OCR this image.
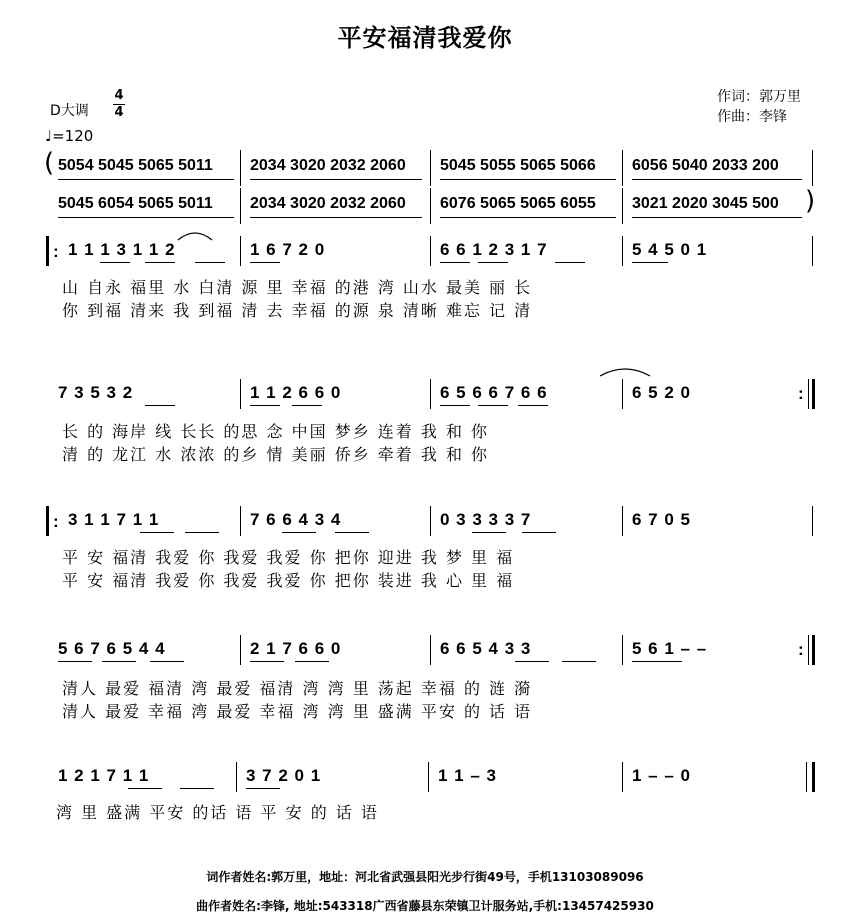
平安福清我爱你
D大调
4
4
♩=120
作词：郭万里
作曲：李锋
( 5054 5045 5065 5011 2034 3020 2032 2060 5045 5055 5065 5066 6056 5040 2033 200
5045 6054 5065 5011 2034 3020 2032 2060 6076 5065 5065 6055 3021 2020 3045 500 )
: 1 1 1 3 1 1 2	1 6 7 2 0	6 6 1 2 3 1 7	5 4 5 0 1
山 自永 福里 水 白清 源 里 幸福 的港 湾 山水 最美 丽 长
你 到福 清来 我 到福 清 去 幸福 的源 泉 清晰 难忘 记 清
7 3 5 3 2	1 1 2 6 6 0	6 5 6 6 7 6 6	6 5 2 0	:
长 的 海岸 线 长长 的思 念 中国 梦乡 连着 我 和 你
清 的 龙江 水 浓浓 的乡 情 美丽 侨乡 牵着 我 和 你
: 3 1 1 7 1 1	7 6 6 4 3 4	0 3 3 3 3 7	6 7 0 5
平 安 福清 我爱 你 我爱 我爱 你 把你 迎进 我 梦 里 福
平 安 福清 我爱 你 我爱 我爱 你 把你 装进 我 心 里 福
5 6 7 6 5 4 4	2 1 7 6 6 0	6 6 5 4 3 3	5 6 1 – –	:
清人 最爱 福清 湾 最爱 福清 湾 湾 里 荡起 幸福 的 涟 漪
清人 最爱 幸福 湾 最爱 幸福 湾 湾 里 盛满 平安 的 话 语
1 2 1 7 1 1	3 7 2 0 1	1 1 – 3	1 – – 0
湾 里 盛满 平安 的话 语 平 安 的 话 语
词作者姓名:郭万里，地址：河北省武强县阳光步行街49号，手机13103089096
曲作者姓名:李锋, 地址:543318广西省藤县东荣镇卫计服务站,手机:13457425930
